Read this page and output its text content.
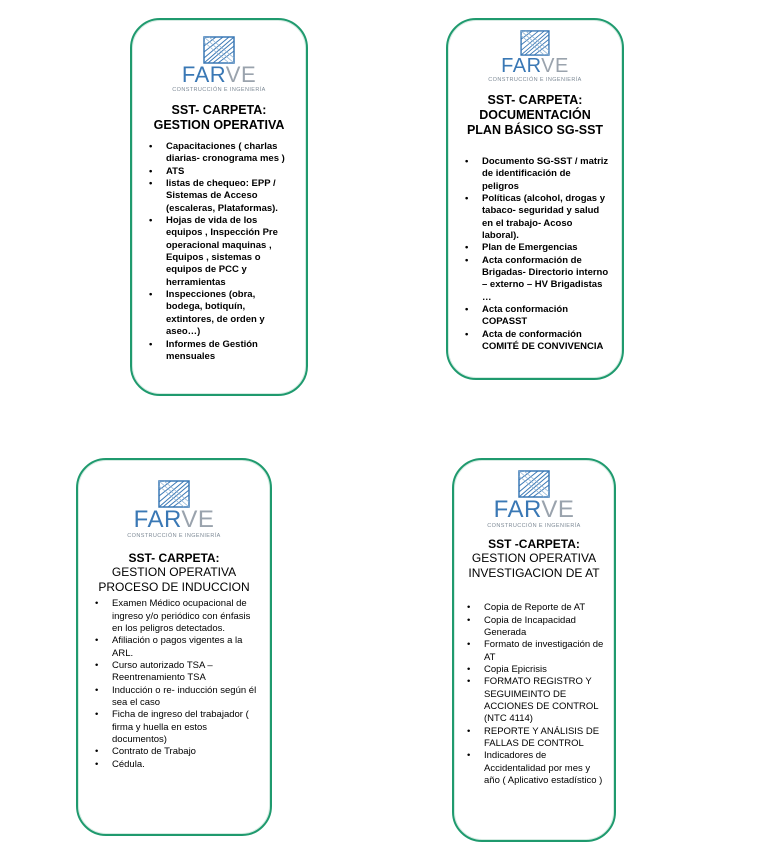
FARVE
CONSTRUCCIÓN E INGENIERÍA
SST- CARPETA:
GESTION OPERATIVA
• Capacitaciones ( charlas diarias- cronograma mes )
• ATS
• listas de chequeo: EPP / Sistemas de Acceso (escaleras, Plataformas).
• Hojas de vida de los equipos , Inspección Pre operacional maquinas , Equipos , sistemas o equipos de PCC y herramientas
• Inspecciones (obra, bodega, botiquín, extintores, de orden y aseo…)
• Informes de Gestión mensuales
FARVE
CONSTRUCCIÓN E INGENIERÍA
SST- CARPETA:
DOCUMENTACIÓN
PLAN BÁSICO SG-SST
• Documento SG-SST / matriz de identificación de peligros
• Políticas (alcohol, drogas y tabaco- seguridad y salud en el trabajo- Acoso laboral).
• Plan de Emergencias
• Acta conformación de Brigadas- Directorio interno – externo – HV Brigadistas …
• Acta conformación COPASST
• Acta de conformación COMITÉ DE CONVIVENCIA
FARVE
CONSTRUCCIÓN E INGENIERÍA
SST- CARPETA:
GESTION OPERATIVA
PROCESO DE INDUCCION
• Examen Médico ocupacional de ingreso y/o periódico con énfasis en los peligros detectados.
• Afiliación o pagos vigentes a la ARL.
• Curso autorizado TSA – Reentrenamiento TSA
• Inducción o re- inducción según él sea el caso
• Ficha de ingreso del trabajador ( firma y huella en estos documentos)
• Contrato de Trabajo
• Cédula.
FARVE
CONSTRUCCIÓN E INGENIERÍA
SST -CARPETA:
GESTION OPERATIVA
INVESTIGACION DE AT
• Copia de Reporte de AT
• Copia de Incapacidad Generada
• Formato de investigación de AT
• Copia Epicrisis
• FORMATO REGISTRO Y SEGUIMEINTO DE ACCIONES DE CONTROL (NTC 4114)
• REPORTE Y ANÁLISIS DE FALLAS DE CONTROL
• Indicadores de Accidentalidad por mes y año ( Aplicativo estadístico )
